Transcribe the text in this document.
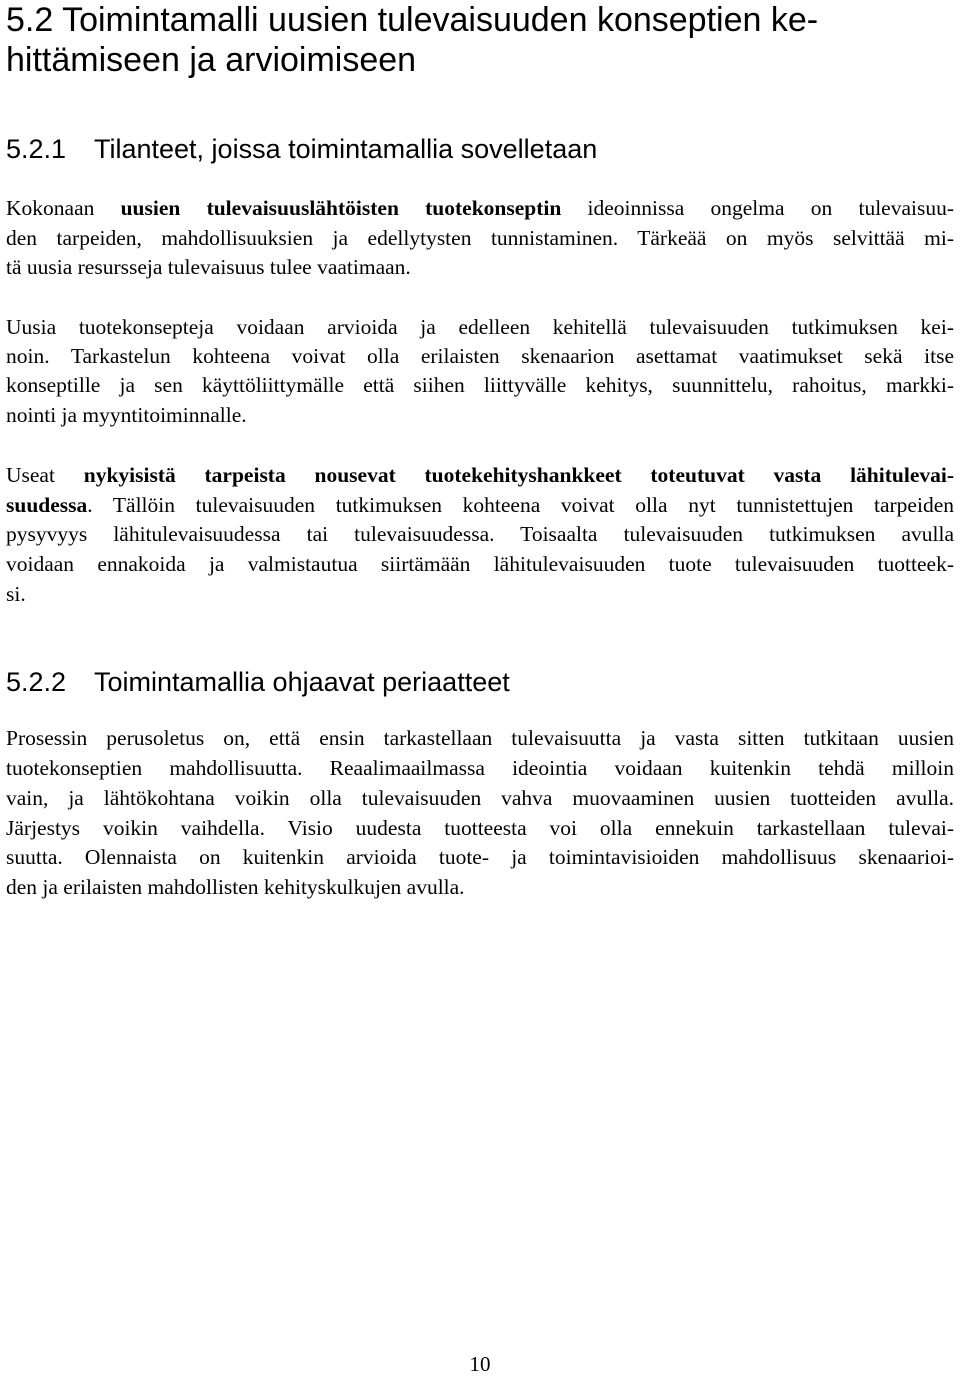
5.2 Toimintamalli uusien tulevaisuuden konseptien ke-
hittämiseen ja arvioimiseen
5.2.1 Tilanteet, joissa toimintamallia sovelletaan
Kokonaan uusien tulevaisuuslähtöisten tuotekonseptin ideoinnissa ongelma on tulevaisuu-
den tarpeiden, mahdollisuuksien ja edellytysten tunnistaminen. Tärkeää on myös selvittää mi-
tä uusia resursseja tulevaisuus tulee vaatimaan.
Uusia tuotekonsepteja voidaan arvioida ja edelleen kehitellä tulevaisuuden tutkimuksen kei-
noin. Tarkastelun kohteena voivat olla erilaisten skenaarion asettamat vaatimukset sekä itse
konseptille ja sen käyttöliittymälle että siihen liittyvälle kehitys, suunnittelu, rahoitus, markki-
nointi ja myyntitoiminnalle.
Useat nykyisistä tarpeista nousevat tuotekehityshankkeet toteutuvat vasta lähitulevai-
suudessa. Tällöin tulevaisuuden tutkimuksen kohteena voivat olla nyt tunnistettujen tarpeiden
pysyvyys lähitulevaisuudessa tai tulevaisuudessa. Toisaalta tulevaisuuden tutkimuksen avulla
voidaan ennakoida ja valmistautua siirtämään lähitulevaisuuden tuote tulevaisuuden tuotteek-
si.
5.2.2 Toimintamallia ohjaavat periaatteet
Prosessin perusoletus on, että ensin tarkastellaan tulevaisuutta ja vasta sitten tutkitaan uusien
tuotekonseptien mahdollisuutta. Reaalimaailmassa ideointia voidaan kuitenkin tehdä milloin
vain, ja lähtökohtana voikin olla tulevaisuuden vahva muovaaminen uusien tuotteiden avulla.
Järjestys voikin vaihdella. Visio uudesta tuotteesta voi olla ennekuin tarkastellaan tulevai-
suutta. Olennaista on kuitenkin arvioida tuote- ja toimintavisioiden mahdollisuus skenaarioi-
den ja erilaisten mahdollisten kehityskulkujen avulla.
10
